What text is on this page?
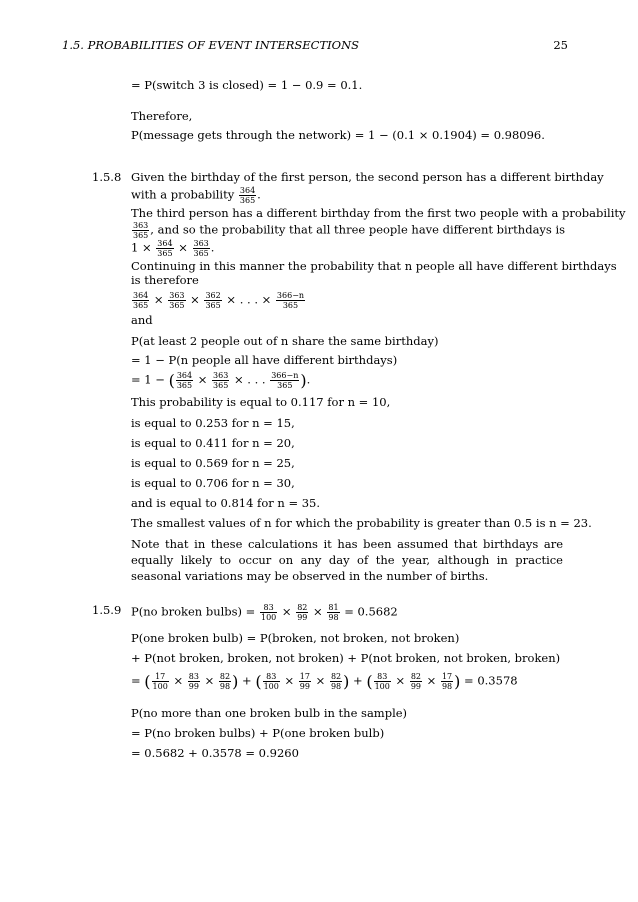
1.5. PROBABILITIES OF EVENT INTERSECTIONS	25
= P(switch 3 is closed) = 1 − 0.9 = 0.1.
Therefore,
P(message gets through the network) = 1 − (0.1 × 0.1904) = 0.98096.
1.5.8 Given the birthday of the first person, the second person has a different birthday
with a probability $\frac{364}{365}$ .
The third person has a different birthday from the first two people with a probability
$\frac{363}{365}$ , and so the probability that all three people have different birthdays is
$1 \times \frac{364}{365} \times \frac{363}{365}$ .
Continuing in this manner the probability that n people all have different birthdays
is therefore
$\frac{364}{365} \times \frac{363}{365} \times \frac{362}{365}$ × . . . × $\frac{366-n}{365}$
and
P(at least 2 people out of n share the same birthday)
= 1 − P(n people all have different birthdays)
= 1 − ( $\frac{364}{365} \times \frac{363}{365}$ × . . . $\frac{366-n}{365}$ ).
This probability is equal to 0.117 for n = 10,
is equal to 0.253 for n = 15,
is equal to 0.411 for n = 20,
is equal to 0.569 for n = 25,
is equal to 0.706 for n = 30,
and is equal to 0.814 for n = 35.
The smallest values of n for which the probability is greater than 0.5 is n = 23.
Note that in these calculations it has been assumed that birthdays are equally likely to occur on any day of the year, although in practice seasonal variations may be observed in the number of births.
1.5.9 P(no broken bulbs) = $\frac{83}{100} \times \frac{82}{99} \times \frac{81}{98} = 0.5682$
P(one broken bulb) = P(broken, not broken, not broken)
+ P(not broken, broken, not broken) + P(not broken, not broken, broken)
= ( $\frac{17}{100} \times \frac{83}{99} \times \frac{82}{98}$ ) + ( $\frac{83}{100} \times \frac{17}{99} \times \frac{82}{98}$ ) + ( $\frac{83}{100} \times \frac{82}{99} \times \frac{17}{98}$ ) = 0.3578
P(no more than one broken bulb in the sample)
= P(no broken bulbs) + P(one broken bulb)
= 0.5682 + 0.3578 = 0.9260
